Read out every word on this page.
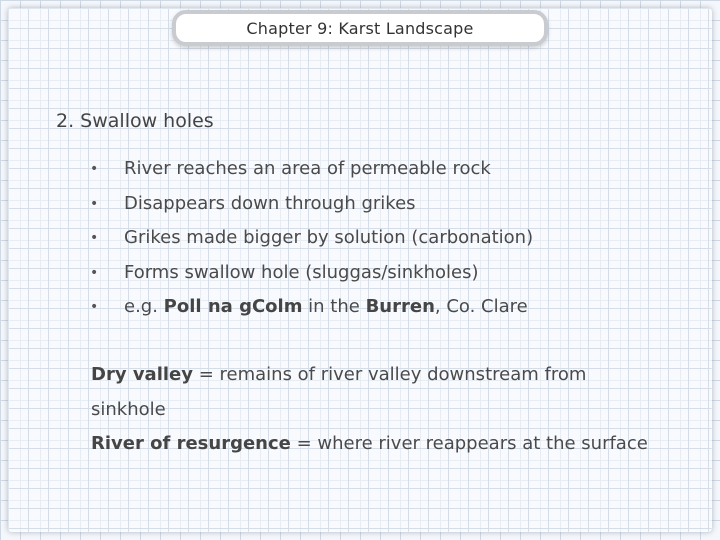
Chapter 9: Karst Landscape
2. Swallow holes
• River reaches an area of permeable rock
• Disappears down through grikes
• Grikes made bigger by solution (carbonation)
• Forms swallow hole (sluggas/sinkholes)
• e.g. Poll na gColm in the Burren, Co. Clare

Dry valley = remains of river valley downstream from sinkhole

River of resurgence = where river reappears at the surface
